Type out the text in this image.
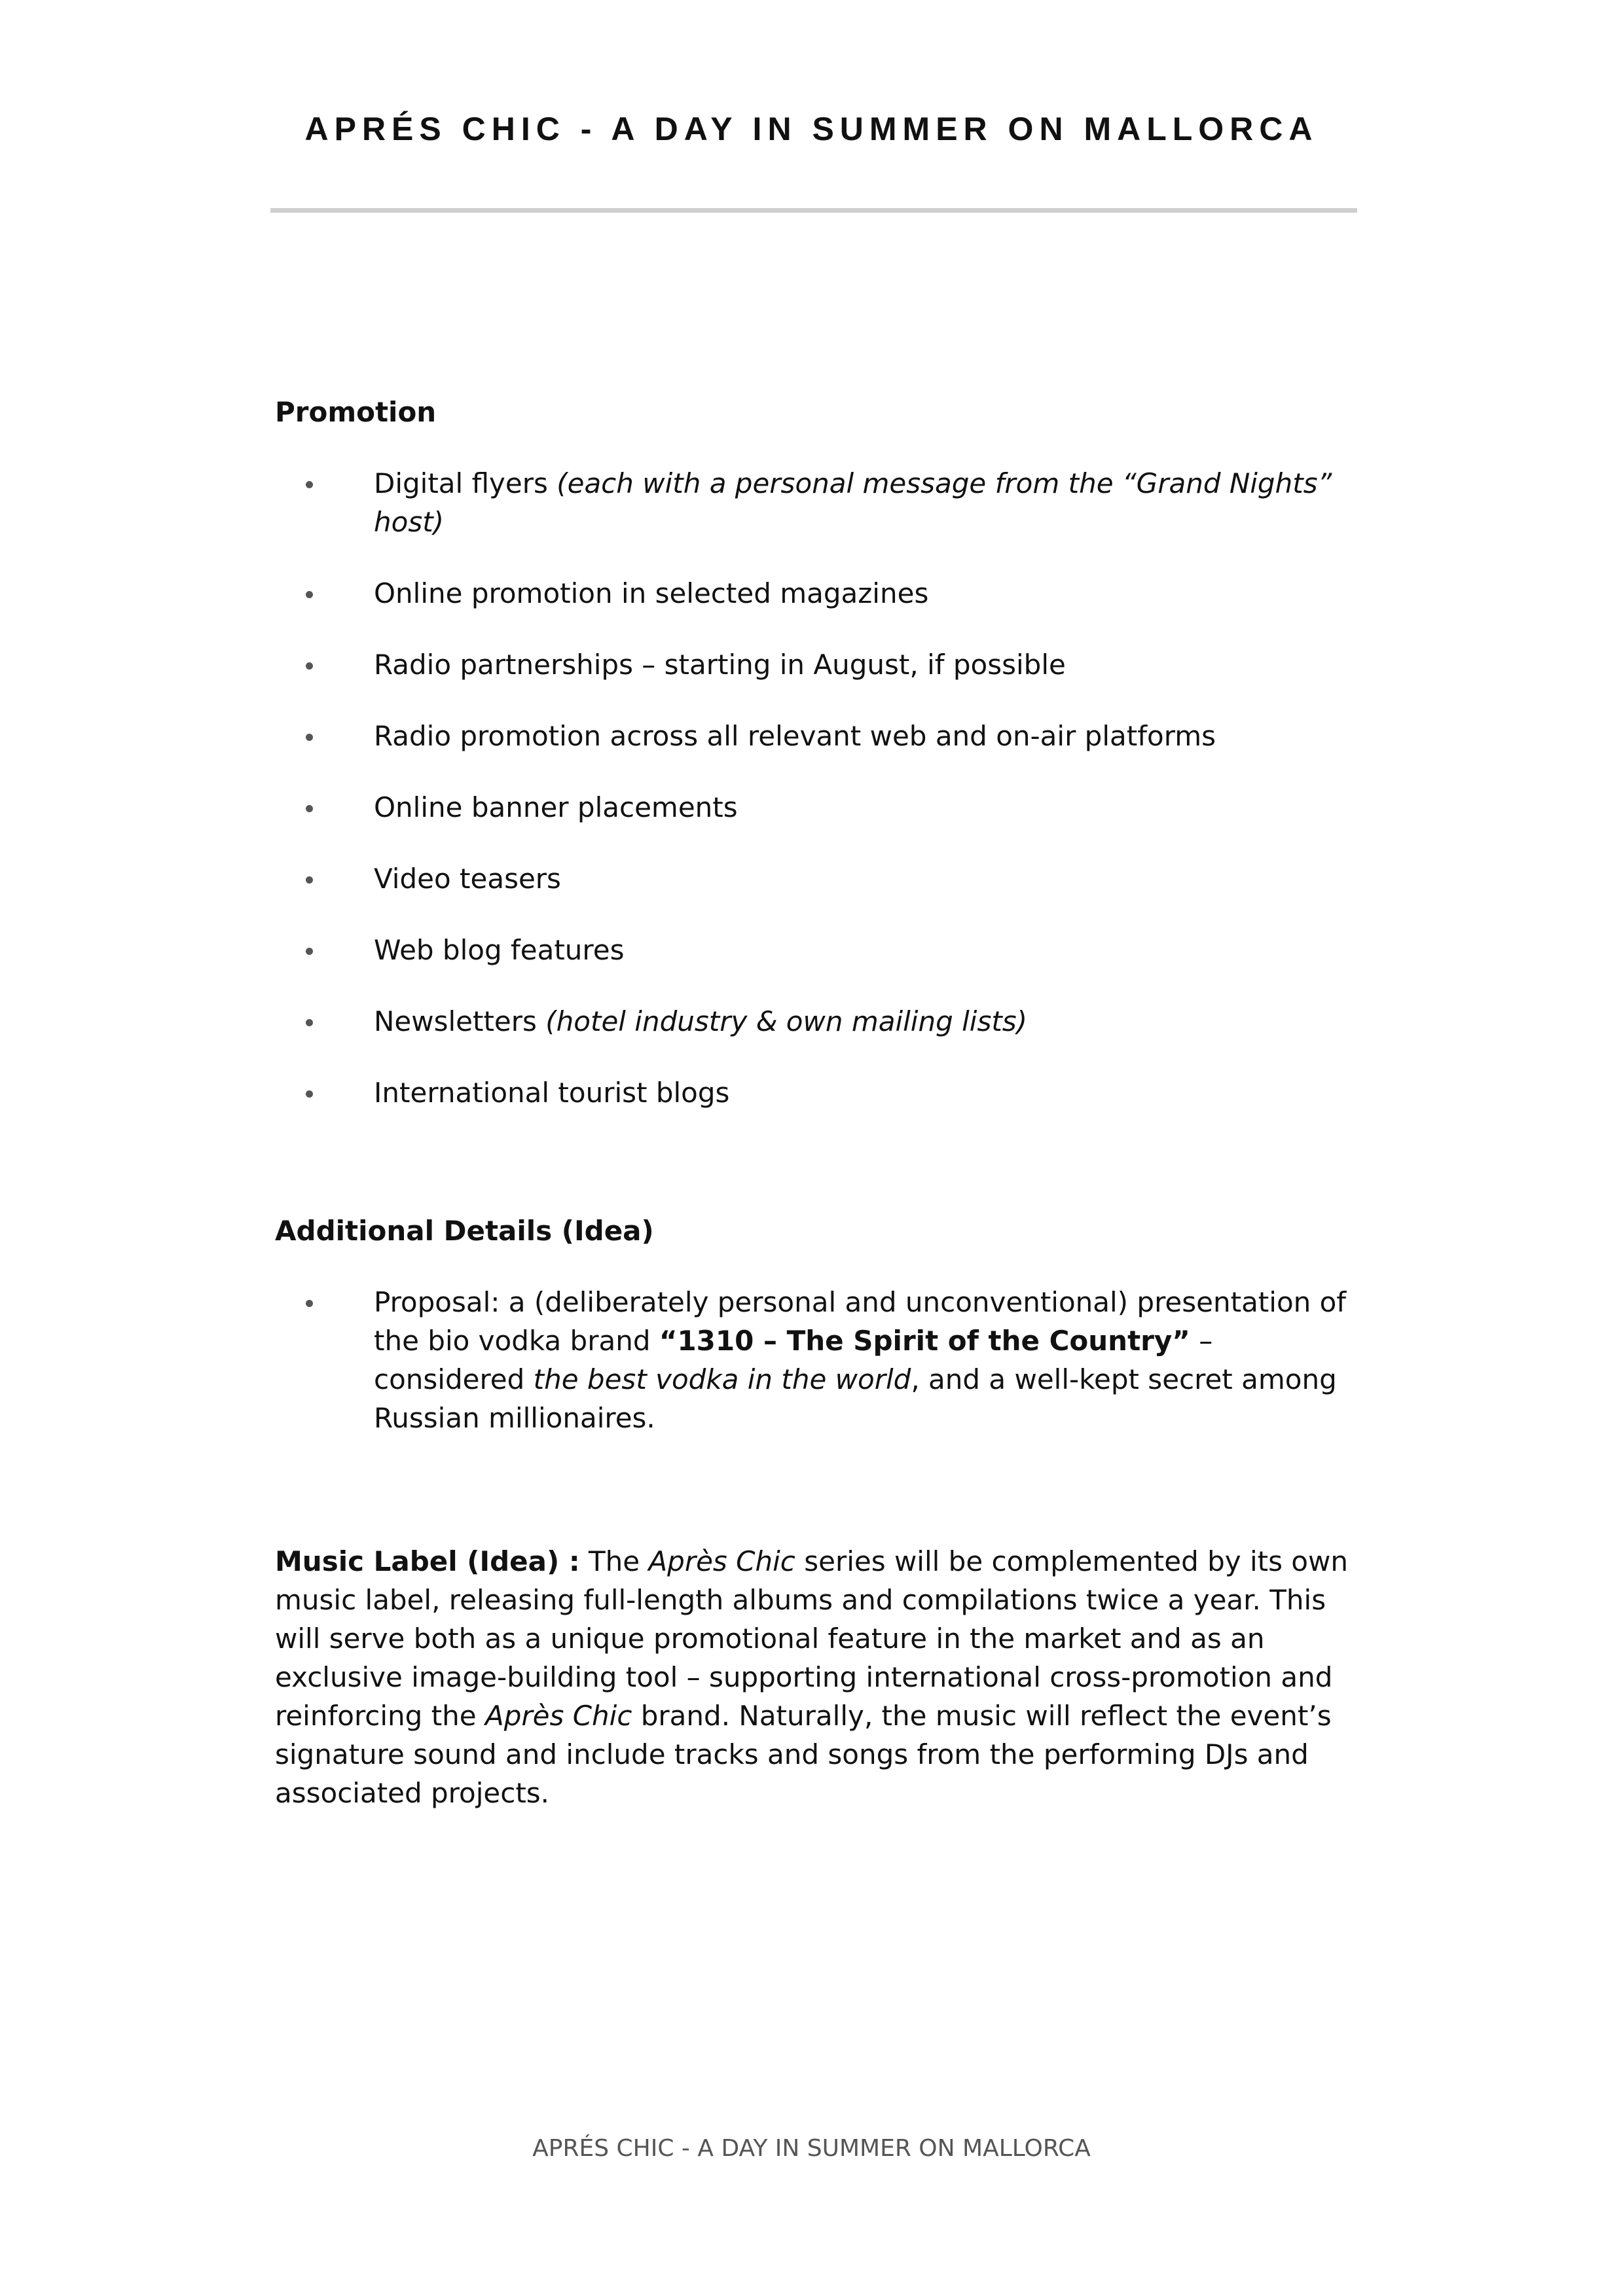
APRÉS CHIC - A DAY IN SUMMER ON MALLORCA

Promotion

Digital flyers (each with a personal message from the “Grand Nights” host)
Online promotion in selected magazines
Radio partnerships – starting in August, if possible
Radio promotion across all relevant web and on-air platforms
Online banner placements
Video teasers
Web blog features
Newsletters (hotel industry & own mailing lists)
International tourist blogs

Additional Details (Idea)

Proposal: a (deliberately personal and unconventional) presentation of the bio vodka brand “1310 – The Spirit of the Country” –
considered the best vodka in the world, and a well-kept secret among Russian millionaires.

Music Label (Idea) : The Après Chic series will be complemented by its own music label, releasing full-length albums and compilations twice a year. This will serve both as a unique promotional feature in the market and as an exclusive image-building tool – supporting international cross-promotion and reinforcing the Après Chic brand. Naturally, the music will reflect the event’s signature sound and include tracks and songs from the performing DJs and associated projects.

APRÉS CHIC - A DAY IN SUMMER ON MALLORCA
